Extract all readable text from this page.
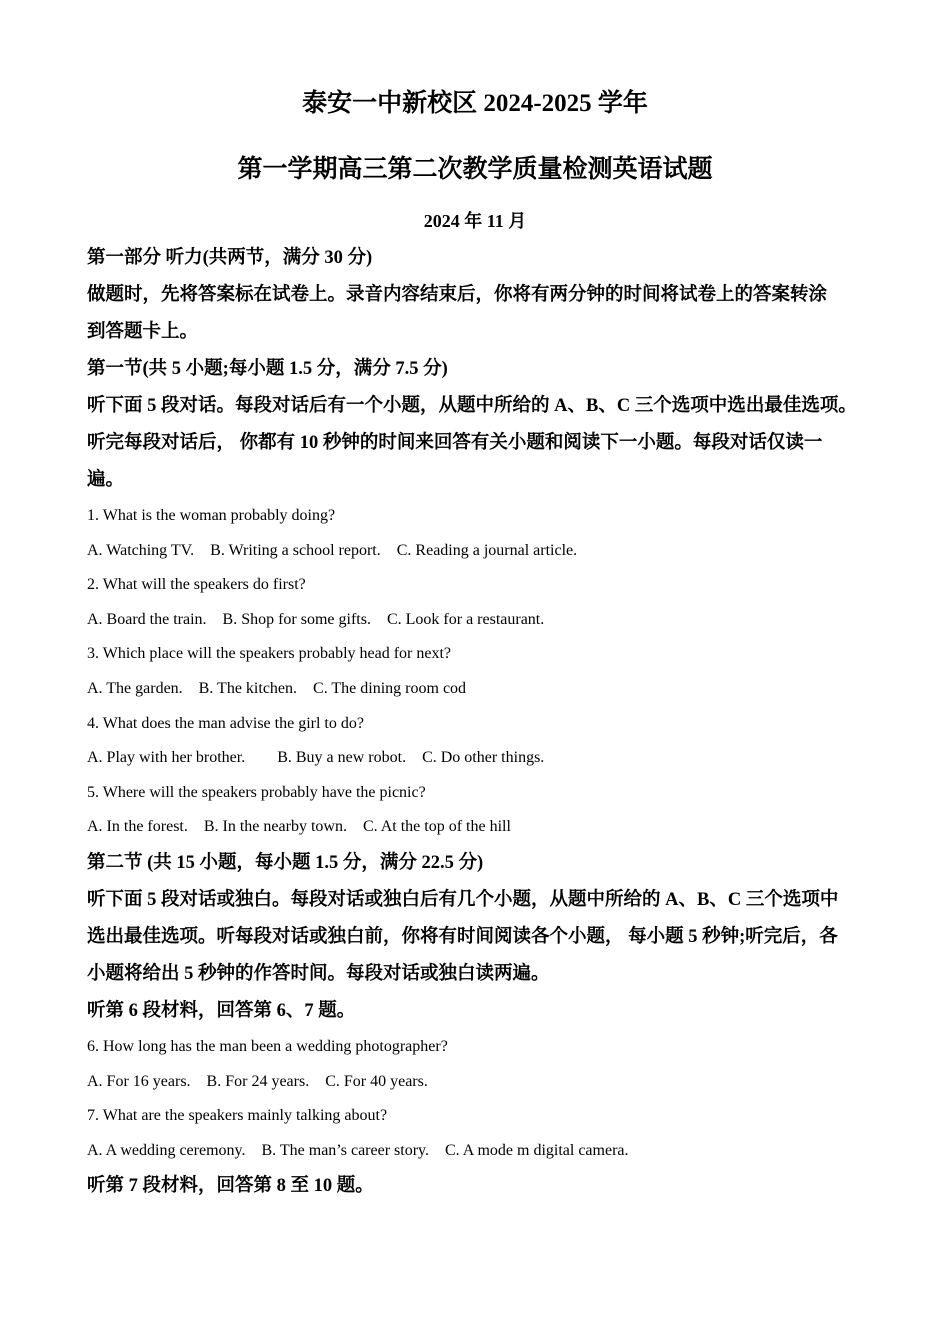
泰安一中新校区 2024-2025 学年
第一学期高三第二次教学质量检测英语试题
2024 年 11 月

第一部分 听力(共两节，满分 30 分)

做题时，先将答案标在试卷上。录音内容结束后，你将有两分钟的时间将试卷上的答案转涂

到答题卡上。

第一节(共 5 小题;每小题 1.5 分，满分 7.5 分)

听下面 5 段对话。每段对话后有一个小题，从题中所给的 A、B、C 三个选项中选出最佳选项。

听完每段对话后， 你都有 10 秒钟的时间来回答有关小题和阅读下一小题。每段对话仅读一

遍。

1. What is the woman probably doing?

A. Watching TV.    B. Writing a school report.    C. Reading a journal article.

2. What will the speakers do first?

A. Board the train.    B. Shop for some gifts.    C. Look for a restaurant.

3. Which place will the speakers probably head for next?

A. The garden.    B. The kitchen.    C. The dining room cod

4. What does the man advise the girl to do?

A. Play with her brother.        B. Buy a new robot.    C. Do other things.

5. Where will the speakers probably have the picnic?

A. In the forest.    B. In the nearby town.    C. At the top of the hill

第二节 (共 15 小题，每小题 1.5 分，满分 22.5 分)

听下面 5 段对话或独白。每段对话或独白后有几个小题，从题中所给的 A、B、C 三个选项中

选出最佳选项。听每段对话或独白前，你将有时间阅读各个小题， 每小题 5 秒钟;听完后，各

小题将给出 5 秒钟的作答时间。每段对话或独白读两遍。

听第 6 段材料，回答第 6、7 题。

6. How long has the man been a wedding photographer?

A. For 16 years.    B. For 24 years.    C. For 40 years.

7. What are the speakers mainly talking about?

A. A wedding ceremony.    B. The man’s career story.    C. A mode m digital camera.

听第 7 段材料，回答第 8 至 10 题。
